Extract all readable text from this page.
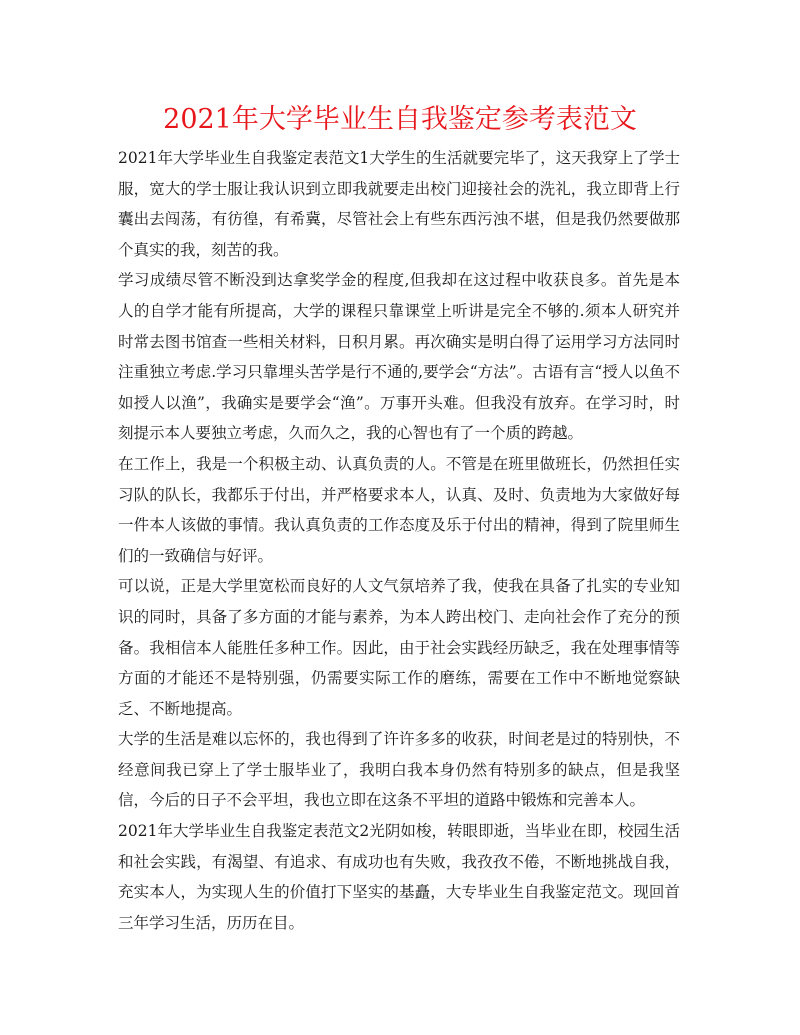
2021年大学毕业生自我鉴定参考表范文

2021年大学毕业生自我鉴定表范文1大学生的生活就要完毕了，这天我穿上了学士服，宽大的学士服让我认识到立即我就要走出校门迎接社会的洗礼，我立即背上行囊出去闯荡，有彷徨，有希冀，尽管社会上有些东西污浊不堪，但是我仍然要做那个真实的我，刻苦的我。

学习成绩尽管不断没到达拿奖学金的程度,但我却在这过程中收获良多。首先是本人的自学才能有所提高，大学的课程只靠课堂上听讲是完全不够的.须本人研究并时常去图书馆查一些相关材料，日积月累。再次确实是明白得了运用学习方法同时注重独立考虑.学习只靠埋头苦学是行不通的,要学会“方法”。古语有言“授人以鱼不如授人以渔”，我确实是要学会“渔”。万事开头难。但我没有放弃。在学习时，时刻提示本人要独立考虑，久而久之，我的心智也有了一个质的跨越。

在工作上，我是一个积极主动、认真负责的人。不管是在班里做班长，仍然担任实习队的队长，我都乐于付出，并严格要求本人，认真、及时、负责地为大家做好每一件本人该做的事情。我认真负责的工作态度及乐于付出的精神，得到了院里师生们的一致确信与好评。

可以说，正是大学里宽松而良好的人文气氛培养了我，使我在具备了扎实的专业知识的同时，具备了多方面的才能与素养，为本人跨出校门、走向社会作了充分的预备。我相信本人能胜任多种工作。因此，由于社会实践经历缺乏，我在处理事情等方面的才能还不是特别强，仍需要实际工作的磨练，需要在工作中不断地觉察缺乏、不断地提高。

大学的生活是难以忘怀的，我也得到了许许多多的收获，时间老是过的特别快，不经意间我已穿上了学士服毕业了，我明白我本身仍然有特别多的缺点，但是我坚信，今后的日子不会平坦，我也立即在这条不平坦的道路中锻炼和完善本人。

2021年大学毕业生自我鉴定表范文2光阴如梭，转眼即逝，当毕业在即，校园生活和社会实践，有渴望、有追求、有成功也有失败，我孜孜不倦，不断地挑战自我，充实本人，为实现人生的价值打下坚实的基矗，大专毕业生自我鉴定范文。现回首三年学习生活，历历在目。
